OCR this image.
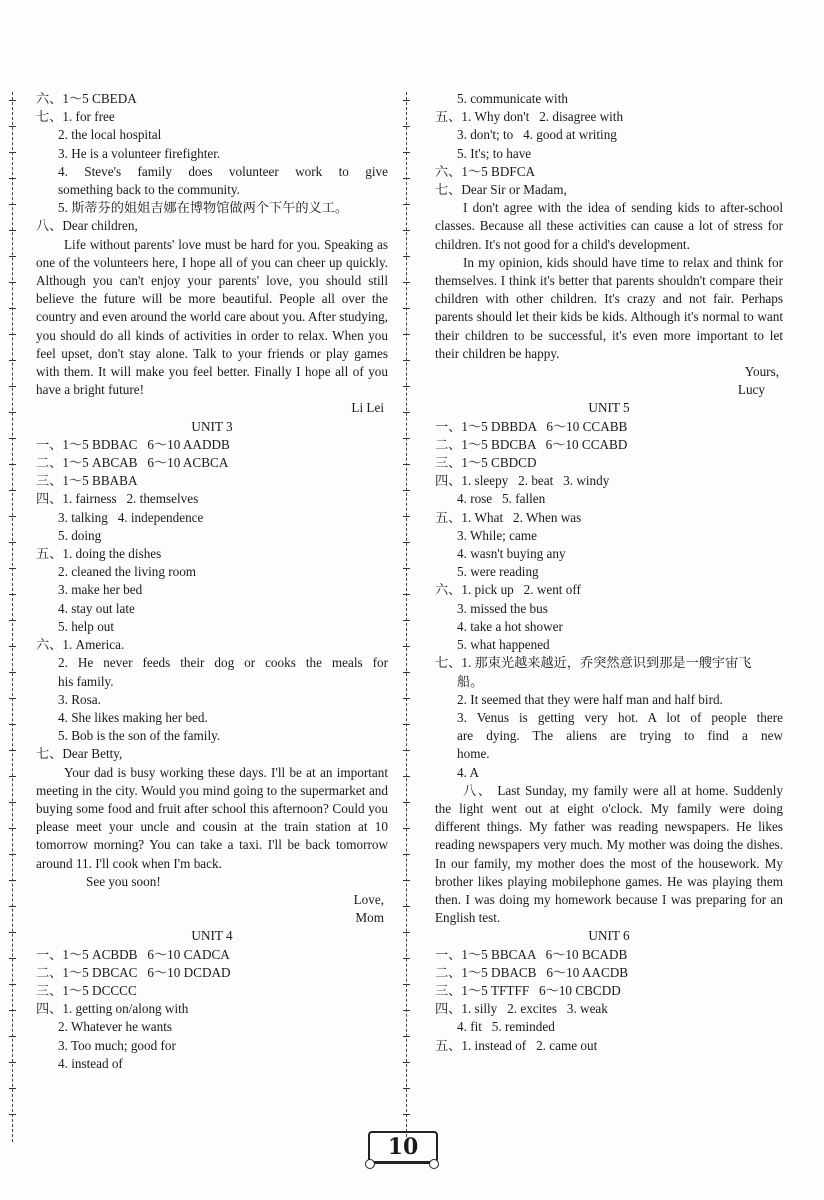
六、1～5 CBEDA
七、1. for free
2. the local hospital
3. He is a volunteer firefighter.
4. Steve's family does volunteer work to give
something back to the community.
5. 斯蒂芬的姐姐吉娜在博物馆做两个下午的义工。
八、Dear children,
Life without parents' love must be hard for you. Speaking as one of the volunteers here, I hope all of you can cheer up quickly. Although you can't enjoy your parents' love, you should still believe the future will be more beautiful. People all over the country and even around the world care about you. After studying, you should do all kinds of activities in order to relax. When you feel upset, don't stay alone. Talk to your friends or play games with them. It will make you feel better. Finally I hope all of you have a bright future!
Li Lei
UNIT 3
一、1～5 BDBAC   6～10 AADDB
二、1～5 ABCAB   6～10 ACBCA
三、1～5 BBABA
四、1. fairness   2. themselves
3. talking   4. independence
5. doing
五、1. doing the dishes
2. cleaned the living room
3. make her bed
4. stay out late
5. help out
六、1. America.
2. He never feeds their dog or cooks the meals for
his family.
3. Rosa.
4. She likes making her bed.
5. Bob is the son of the family.
七、Dear Betty,
Your dad is busy working these days. I'll be at an important meeting in the city. Would you mind going to the supermarket and buying some food and fruit after school this afternoon? Could you please meet your uncle and cousin at the train station at 10 tomorrow morning? You can take a taxi. I'll be back tomorrow around 11. I'll cook when I'm back.
See you soon!
Love,
Mom
UNIT 4
一、1～5 ACBDB   6～10 CADCA
二、1～5 DBCAC   6～10 DCDAD
三、1～5 DCCCC
四、1. getting on/along with
2. Whatever he wants
3. Too much; good for
4. instead of
5. communicate with
五、1. Why don't   2. disagree with
3. don't; to   4. good at writing
5. It's; to have
六、1～5 BDFCA
七、Dear Sir or Madam,
I don't agree with the idea of sending kids to after-school classes. Because all these activities can cause a lot of stress for children. It's not good for a child's development.
In my opinion, kids should have time to relax and think for themselves. I think it's better that parents shouldn't compare their children with other children. It's crazy and not fair. Perhaps parents should let their kids be kids. Although it's normal to want their children to be successful, it's even more important to let their children be happy.
Yours,
Lucy
UNIT 5
一、1～5 DBBDA   6～10 CCABB
二、1～5 BDCBA   6～10 CCABD
三、1～5 CBDCD
四、1. sleepy   2. beat   3. windy
4. rose   5. fallen
五、1. What   2. When was
3. While; came
4. wasn't buying any
5. were reading
六、1. pick up   2. went off
3. missed the bus
4. take a hot shower
5. what happened
七、1. 那束光越来越近，乔突然意识到那是一艘宇宙飞
船。
2. It seemed that they were half man and half bird.
3. Venus is getting very hot. A lot of people there
are dying. The aliens are trying to find a new
home.
4. A
八、 Last Sunday, my family were all at home. Suddenly the light went out at eight o'clock. My family were doing different things. My father was reading newspapers. He likes reading newspapers very much. My mother was doing the dishes. In our family, my mother does the most of the housework. My brother likes playing mobilephone games. He was playing them then. I was doing my homework because I was preparing for an English test.
UNIT 6
一、1～5 BBCAA   6～10 BCADB
二、1～5 DBACB   6～10 AACDB
三、1～5 TFTFF   6～10 CBCDD
四、1. silly   2. excites   3. weak
4. fit   5. reminded
五、1. instead of   2. came out
10
